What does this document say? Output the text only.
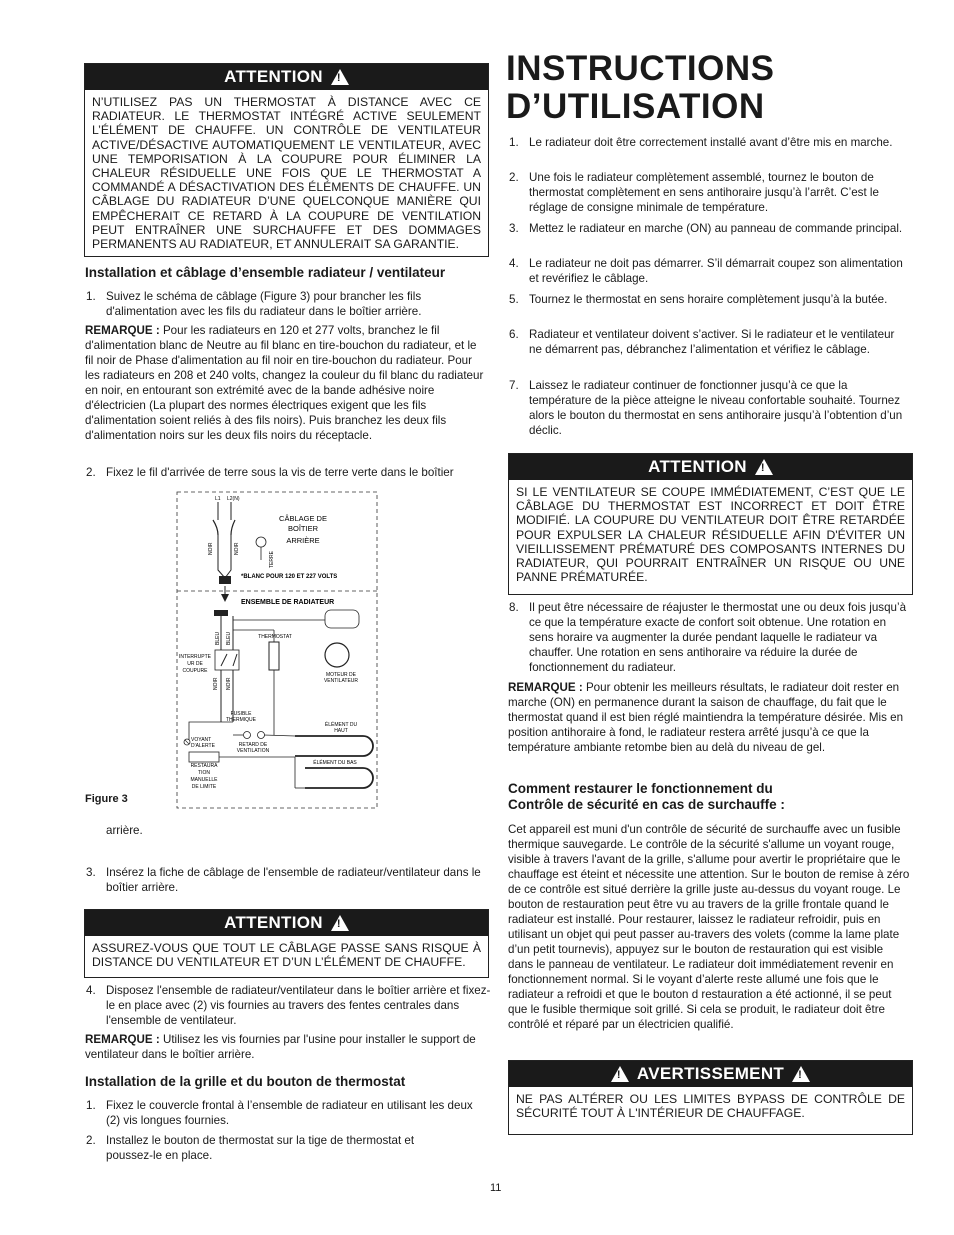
ATTENTION
!
N’UTILISEZ PAS UN THERMOSTAT À DISTANCE AVEC CE RADIATEUR. LE THERMOSTAT INTÉGRÉ ACTIVE SEULEMENT L’ÉLÉMENT DE CHAUFFE. UN CONTRÔLE DE VENTILATEUR ACTIVE/DÉSACTIVE AUTOMATIQUEMENT LE VENTILATEUR, AVEC UNE TEMPORISATION À LA COUPURE POUR ÉLIMINER LA CHALEUR RÉSIDUELLE UNE FOIS QUE LE THERMOSTAT A COMMANDÉ A DÉSACTIVATION DES ÉLÉMENTS DE CHAUFFE. UN CÂBLAGE DU RADIATEUR D’UNE QUELCONQUE MANIÈRE QUI EMPÊCHERAIT CE RETARD À LA COUPURE DE VENTILATION PEUT ENTRAÎNER UNE SURCHAUFFE ET DES DOMMAGES PERMANENTS AU RADIATEUR, ET ANNULERAIT SA GARANTIE.
Installation et câblage d’ensemble radiateur / ventilateur
1. Suivez le schéma de câblage (Figure 3) pour brancher les fils d'alimentation avec les fils du radiateur dans le boîtier arrière.

REMARQUE : Pour les radiateurs en 120 et 277 volts, branchez le fil d'alimentation blanc de Neutre au fil blanc en tire-bouchon du radiateur, et le fil noir de Phase d'alimentation au fil noir en tire-bouchon du radiateur. Pour les radiateurs en 208 et 240 volts, changez la couleur du fil blanc du radiateur en noir, en entourant son extrémité avec de la bande adhésive noire d'électricien (La plupart des normes électriques exigent que les fils d'alimentation soient reliés à des fils noirs). Puis branchez les deux fils d'alimentation noirs sur les deux fils noirs du réceptacle.

2. Fixez le fil d'arrivée de terre sous la vis de terre verte dans le boîtier
L1 L2(N)
NOIR	NOIR
TERRE
CÂBLAGE DE
BOÎTIER
ARRIÈRE
*BLANC POUR 120 ET 227 VOLTS
ENSEMBLE DE RADIATEUR
BLEU BLEU
INTERRUPTE
UR DE
COUPURE
NOIR NOIR
THERMOSTAT
MOTEUR DE
VENTILATEUR
FUSIBLE
THERMIQUE
ÉLÉMENT DU
HAUT
VOYANT
D'ALERTE	RETARD DE
VENTILATION
RESTAURA
TION
MANUELLE
DE LIMITE
ÉLÉMENT DU BAS
Figure 3
arrière.
3. Insérez la fiche de câblage de l'ensemble de radiateur/ventilateur dans le boîtier arrière.
ATTENTION
!
ASSUREZ-VOUS QUE TOUT LE CÂBLAGE PASSE SANS RISQUE À DISTANCE DU VENTILATEUR ET D’UN L’ÉLÉMENT DE CHAUFFE.
4. Disposez l'ensemble de radiateur/ventilateur dans le boîtier arrière et fixez-le en place avec (2) vis fournies au travers des fentes centrales dans l'ensemble de ventilateur.

REMARQUE : Utilisez les vis fournies par l'usine pour installer le support de ventilateur dans le boîtier arrière.

Installation de la grille et du bouton de thermostat
1. Fixez le couvercle frontal à l’ensemble de radiateur en utilisant les deux (2) vis longues fournies.
2. Installez le bouton de thermostat sur la tige de thermostat et poussez-le en place.
INSTRUCTIONS
D’UTILISATION
1. Le radiateur doit être correctement installé avant d’être mis en marche.
2. Une fois le radiateur complètement assemblé, tournez le bouton de thermostat complètement en sens antihoraire jusqu’à l’arrêt. C’est le réglage de consigne minimale de température.
3. Mettez le radiateur en marche (ON) au panneau de commande principal.
4. Le radiateur ne doit pas démarrer. S’il démarrait coupez son alimentation et revérifiez le câblage.
5. Tournez le thermostat en sens horaire complètement jusqu’à la butée.
6. Radiateur et ventilateur doivent s’activer. Si le radiateur et le ventilateur ne démarrent pas, débranchez l’alimentation et vérifiez le câblage.
7. Laissez le radiateur continuer de fonctionner jusqu’à ce que la température de la pièce atteigne le niveau confortable souhaité. Tournez alors le bouton du thermostat en sens antihoraire jusqu’à l’obtention d’un déclic.
ATTENTION
!
SI LE VENTILATEUR SE COUPE IMMÉDIATEMENT, C’EST QUE LE CÂBLAGE DU THERMOSTAT EST INCORRECT ET DOIT ÊTRE MODIFIÉ. LA COUPURE DU VENTILATEUR DOIT ÊTRE RETARDÉE POUR EXPULSER LA CHALEUR RÉSIDUELLE AFIN D'ÉVITER UN VIEILLISSEMENT PRÉMATURÉ DES COMPOSANTS INTERNES DU RADIATEUR, QUI POURRAIT ENTRAÎNER UN RISQUE OU UNE PANNE PRÉMATURÉE.
8. Il peut être nécessaire de réajuster le thermostat une ou deux fois jusqu’à ce que la température exacte de confort soit obtenue. Une rotation en sens horaire va augmenter la durée pendant laquelle le radiateur va chauffer. Une rotation en sens antihoraire va réduire la durée de fonctionnement du radiateur.

REMARQUE : Pour obtenir les meilleurs résultats, le radiateur doit rester en marche (ON) en permanence durant la saison de chauffage, du fait que le thermostat quand il est bien réglé maintiendra la température désirée. Mis en position antihoraire à fond, le radiateur restera arrêté jusqu’à ce que la température ambiante retombe bien au delà du niveau de gel.

Comment restaurer le fonctionnement du
Contrôle de sécurité en cas de surchauffe :

Cet appareil est muni d'un contrôle de sécurité de surchauffe avec un fusible thermique sauvegarde. Le contrôle de la sécurité s'allume un voyant rouge, visible à travers l'avant de la grille, s'allume pour avertir le propriétaire que le chauffage est éteint et nécessite une attention. Sur le bouton de remise à zéro de ce contrôle est situé derrière la grille juste au-dessus du voyant rouge. Le bouton de restauration peut être vu au travers de la grille frontale quand le radiateur est installé. Pour restaurer, laissez le radiateur refroidir, puis en utilisant un objet qui peut passer au-travers des volets (comme la lame plate d’un petit tournevis), appuyez sur le bouton de restauration qui est visible dans le panneau de ventilateur. Le radiateur doit immédiatement revenir en fonctionnement normal. Si le voyant d’alerte reste allumé une fois que le radiateur a refroidi et que le bouton d restauration a été actionné, il se peut que le fusible thermique soit grillé. Si cela se produit, le radiateur doit être contrôlé et réparé par un électricien qualifié.

!
AVERTISSEMENT
!
NE PAS ALTÉRER OU LES LIMITES BYPASS DE CONTRÔLE DE SÉCURITÉ TOUT À L'INTÉRIEUR DE CHAUFFAGE.
11
